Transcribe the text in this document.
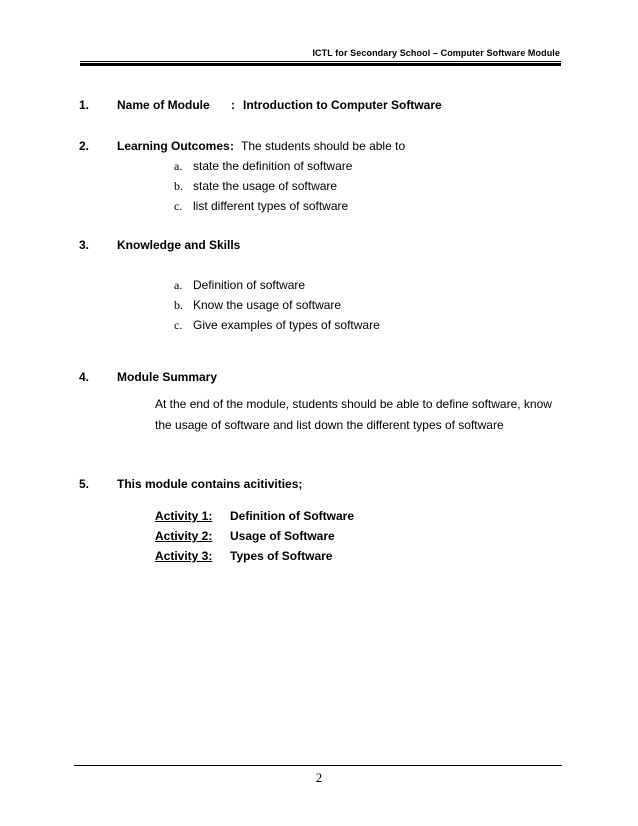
ICTL for Secondary School – Computer Software Module
1. Name of Module : Introduction to Computer Software
2. Learning Outcomes : The students should be able to
a. state the definition of software
b. state the usage of software
c. list different types of software
3. Knowledge and Skills
a. Definition of software
b. Know the usage of software
c. Give examples of types of software
4. Module Summary
At the end of the module, students should be able to define software, know the usage of software and list down the different types of software
5. This module contains acitivities;
Activity 1: Definition of Software
Activity 2: Usage of Software
Activity 3: Types of Software
2
